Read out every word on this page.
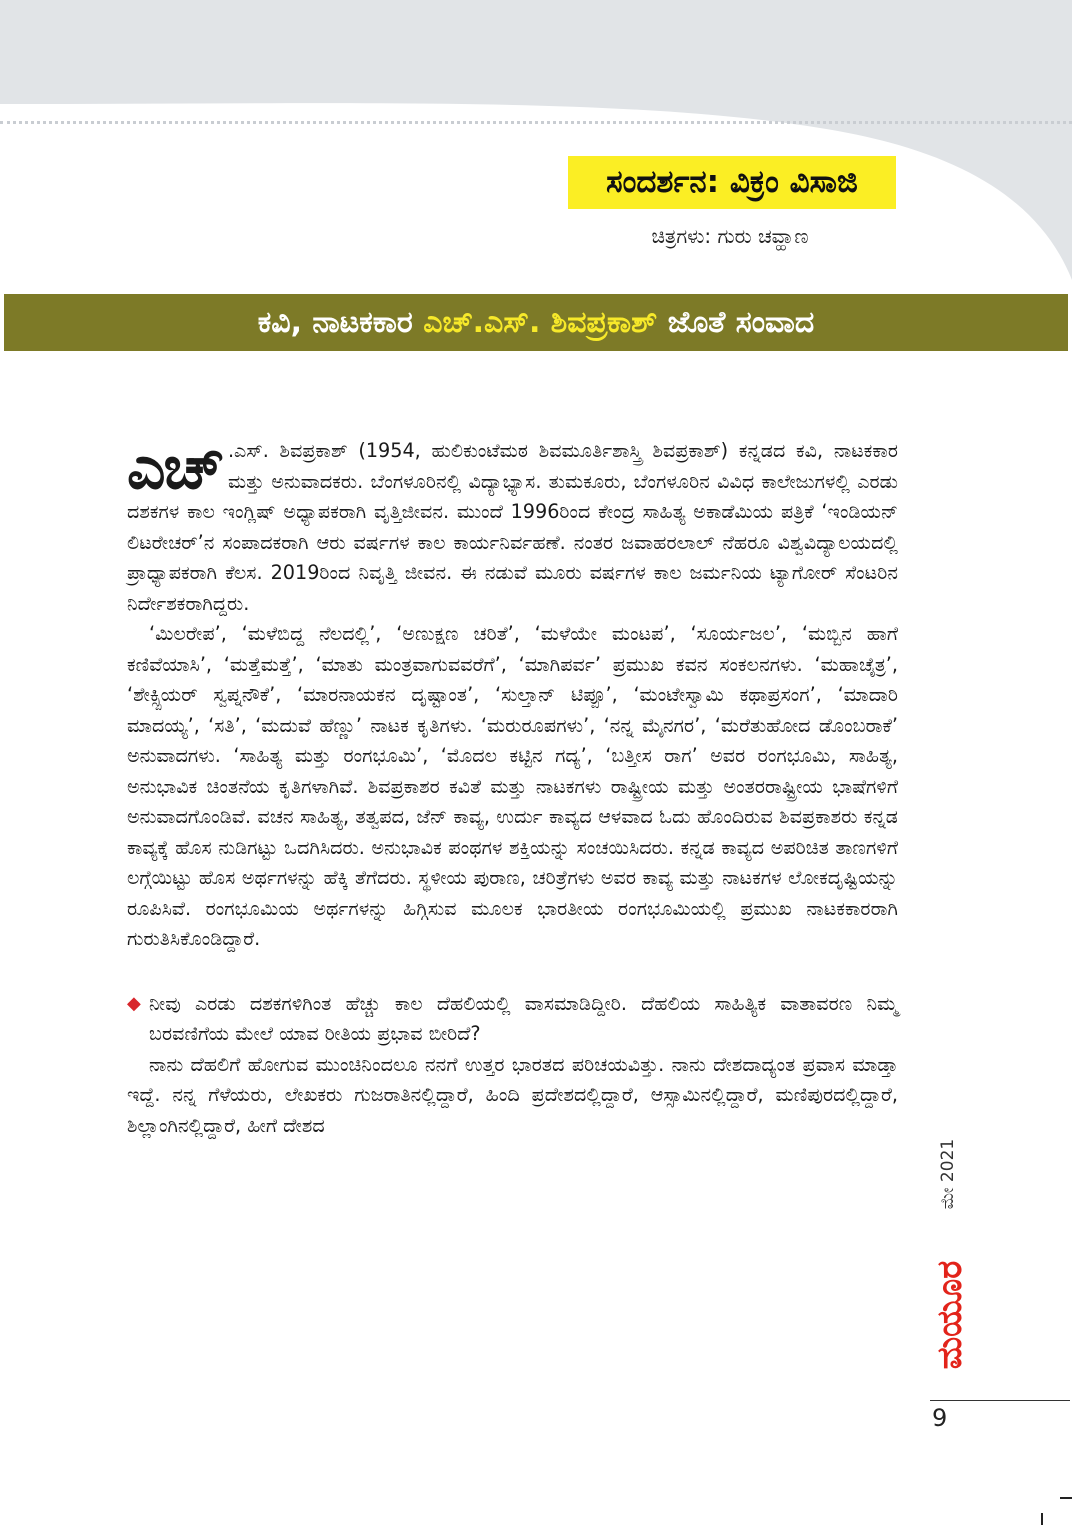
ಸಂದರ್ಶನ: ವಿಕ್ರಂ ವಿಸಾಜಿ
ಚಿತ್ರಗಳು: ಗುರು ಚವ್ಹಾಣ
ಕವಿ, ನಾಟಕಕಾರ
ಎಚ್.ಎಸ್. ಶಿವಪ್ರಕಾಶ್
ಜೊತೆ ಸಂವಾದ

ಎಚ್ .ಎಸ್. ಶಿವಪ್ರಕಾಶ್ (1954, ಹುಲಿಕುಂಟೆಮಠ ಶಿವಮೂರ್ತಿಶಾಸ್ತ್ರಿ ಶಿವಪ್ರಕಾಶ್) ಕನ್ನಡದ ಕವಿ, ನಾಟಕಕಾರ ಮತ್ತು ಅನುವಾದಕರು. ಬೆಂಗಳೂರಿನಲ್ಲಿ ವಿದ್ಯಾಭ್ಯಾಸ. ತುಮಕೂರು, ಬೆಂಗಳೂರಿನ ವಿವಿಧ ಕಾಲೇಜುಗಳಲ್ಲಿ ಎರಡು ದಶಕಗಳ ಕಾಲ ಇಂಗ್ಲಿಷ್ ಅಧ್ಯಾಪಕರಾಗಿ ವೃತ್ತಿಜೀವನ. ಮುಂದೆ 1996ರಿಂದ ಕೇಂದ್ರ ಸಾಹಿತ್ಯ ಅಕಾಡೆಮಿಯ ಪತ್ರಿಕೆ ‘ಇಂಡಿಯನ್ ಲಿಟರೇಚರ್’ನ ಸಂಪಾದಕರಾಗಿ ಆರು ವರ್ಷಗಳ ಕಾಲ ಕಾರ್ಯನಿರ್ವಹಣೆ. ನಂತರ ಜವಾಹರಲಾಲ್ ನೆಹರೂ ವಿಶ್ವವಿದ್ಯಾಲಯದಲ್ಲಿ ಪ್ರಾಧ್ಯಾಪಕರಾಗಿ ಕೆಲಸ. 2019ರಿಂದ ನಿವೃತ್ತಿ ಜೀವನ. ಈ ನಡುವೆ ಮೂರು ವರ್ಷಗಳ ಕಾಲ ಜರ್ಮನಿಯ ಟ್ಯಾಗೋರ್ ಸೆಂಟರಿನ ನಿರ್ದೇಶಕರಾಗಿದ್ದರು.

‘ಮಿಲರೇಪ’, ‘ಮಳೆಬಿದ್ದ ನೆಲದಲ್ಲಿ’, ‘ಅಣುಕ್ಷಣ ಚರಿತೆ’, ‘ಮಳೆಯೇ ಮಂಟಪ’, ‘ಸೂರ್ಯಜಲ’, ‘ಮಬ್ಬಿನ ಹಾಗೆ ಕಣಿವೆಯಾಸಿ’, ‘ಮತ್ತೆಮತ್ತೆ’, ‘ಮಾತು ಮಂತ್ರವಾಗುವವರೆಗೆ’, ‘ಮಾಗಿಪರ್ವ’ ಪ್ರಮುಖ ಕವನ ಸಂಕಲನಗಳು. ‘ಮಹಾಚೈತ್ರ’, ‘ಶೇಕ್ಸ್ಪಿಯರ್ ಸ್ವಪ್ನನೌಕೆ’, ‘ಮಾರನಾಯಕನ ದೃಷ್ಟಾಂತ’, ‘ಸುಲ್ತಾನ್ ಟಿಪ್ಪೂ’, ‘ಮಂಟೇಸ್ವಾಮಿ ಕಥಾಪ್ರಸಂಗ’, ‘ಮಾದಾರಿ ಮಾದಯ್ಯ’, ‘ಸತಿ’, ‘ಮದುವೆ ಹೆಣ್ಣು’ ನಾಟಕ ಕೃತಿಗಳು. ‘ಮರುರೂಪಗಳು’, ‘ನನ್ನ ಮೈನಗರ’, ‘ಮರೆತುಹೋದ ಡೊಂಬರಾಕೆ’ ಅನುವಾದಗಳು. ‘ಸಾಹಿತ್ಯ ಮತ್ತು ರಂಗಭೂಮಿ’, ‘ಮೊದಲ ಕಟ್ಟಿನ ಗದ್ಯ’, ‘ಬತ್ತೀಸ ರಾಗ’ ಅವರ ರಂಗಭೂಮಿ, ಸಾಹಿತ್ಯ, ಅನುಭಾವಿಕ ಚಿಂತನೆಯ ಕೃತಿಗಳಾಗಿವೆ. ಶಿವಪ್ರಕಾಶರ ಕವಿತೆ ಮತ್ತು ನಾಟಕಗಳು ರಾಷ್ಟ್ರೀಯ ಮತ್ತು ಅಂತರರಾಷ್ಟ್ರೀಯ ಭಾಷೆಗಳಿಗೆ ಅನುವಾದಗೊಂಡಿವೆ. ವಚನ ಸಾಹಿತ್ಯ, ತತ್ವಪದ, ಜೆನ್ ಕಾವ್ಯ, ಉರ್ದು ಕಾವ್ಯದ ಆಳವಾದ ಓದು ಹೊಂದಿರುವ ಶಿವಪ್ರಕಾಶರು ಕನ್ನಡ ಕಾವ್ಯಕ್ಕೆ ಹೊಸ ನುಡಿಗಟ್ಟು ಒದಗಿಸಿದರು. ಅನುಭಾವಿಕ ಪಂಥಗಳ ಶಕ್ತಿಯನ್ನು ಸಂಚಯಿಸಿದರು. ಕನ್ನಡ ಕಾವ್ಯದ ಅಪರಿಚಿತ ತಾಣಗಳಿಗೆ ಲಗ್ಗೆಯಿಟ್ಟು ಹೊಸ ಅರ್ಥಗಳನ್ನು ಹೆಕ್ಕಿ ತೆಗೆದರು. ಸ್ಥಳೀಯ ಪುರಾಣ, ಚರಿತ್ರೆಗಳು ಅವರ ಕಾವ್ಯ ಮತ್ತು ನಾಟಕಗಳ ಲೋಕದೃಷ್ಟಿಯನ್ನು ರೂಪಿಸಿವೆ. ರಂಗಭೂಮಿಯ ಅರ್ಥಗಳನ್ನು ಹಿಗ್ಗಿಸುವ ಮೂಲಕ ಭಾರತೀಯ ರಂಗಭೂಮಿಯಲ್ಲಿ ಪ್ರಮುಖ ನಾಟಕಕಾರರಾಗಿ ಗುರುತಿಸಿಕೊಂಡಿದ್ದಾರೆ.

◆ ನೀವು ಎರಡು ದಶಕಗಳಿಗಿಂತ ಹೆಚ್ಚು ಕಾಲ ದೆಹಲಿಯಲ್ಲಿ ವಾಸಮಾಡಿದ್ದೀರಿ. ದೆಹಲಿಯ ಸಾಹಿತ್ಯಿಕ ವಾತಾವರಣ ನಿಮ್ಮ ಬರವಣಿಗೆಯ ಮೇಲೆ ಯಾವ ರೀತಿಯ ಪ್ರಭಾವ ಬೀರಿದೆ?

ನಾನು ದೆಹಲಿಗೆ ಹೋಗುವ ಮುಂಚಿನಿಂದಲೂ ನನಗೆ ಉತ್ತರ ಭಾರತದ ಪರಿಚಯವಿತ್ತು. ನಾನು ದೇಶದಾದ್ಯಂತ ಪ್ರವಾಸ ಮಾಡ್ತಾ ಇದ್ದೆ. ನನ್ನ ಗೆಳೆಯರು, ಲೇಖಕರು ಗುಜರಾತಿನಲ್ಲಿದ್ದಾರೆ, ಹಿಂದಿ ಪ್ರದೇಶದಲ್ಲಿದ್ದಾರೆ, ಆಸ್ಸಾಮಿನಲ್ಲಿದ್ದಾರೆ, ಮಣಿಪುರದಲ್ಲಿದ್ದಾರೆ, ಶಿಲ್ಲಾಂಗಿನಲ್ಲಿದ್ದಾರೆ, ಹೀಗೆ ದೇಶದ

ಮೇ 2021
ಮಯೂರ
9
